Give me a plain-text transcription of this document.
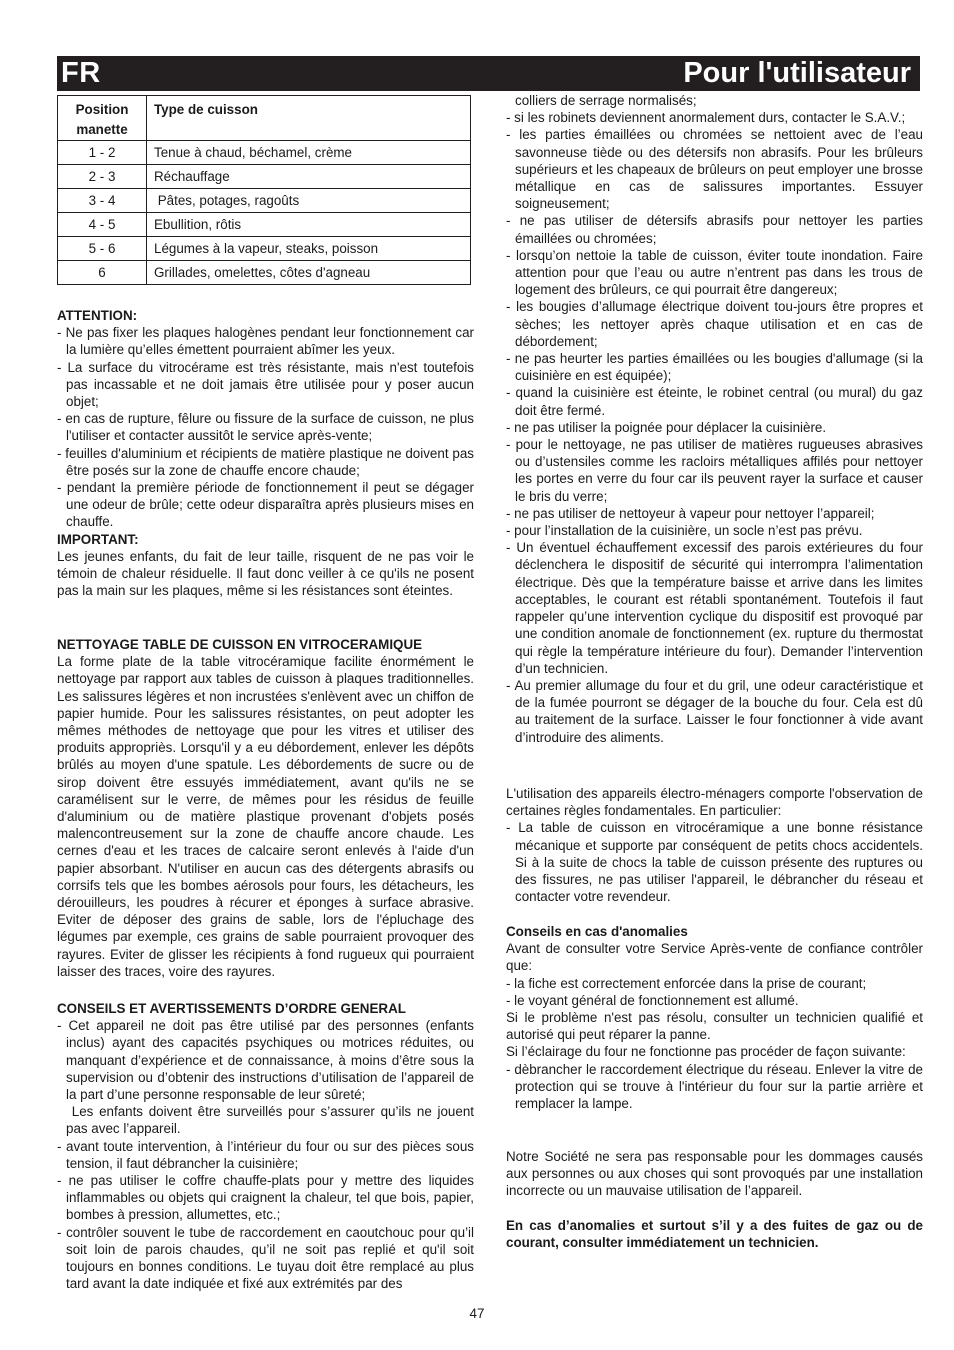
FR	Pour l'utilisateur
Position manette	Type de cuisson
1 - 2	Tenue à chaud, béchamel, crème
2 - 3	Réchauffage
3 - 4	Pâtes, potages, ragoûts
4 - 5	Ebullition, rôtis
5 - 6	Légumes à la vapeur, steaks, poisson
6	Grillades, omelettes, côtes d'agneau

ATTENTION:

- Ne pas fixer les plaques halogènes pendant leur fonctionnement car la lumière qu’elles émettent pourraient abîmer les yeux.

- La surface du vitrocérame est très résistante, mais n'est toutefois pas incassable et ne doit jamais être utilisée pour y poser aucun objet;

- en cas de rupture, fêlure ou fissure de la surface de cuisson, ne plus l'utiliser et contacter aussitôt le service après-vente;

- feuilles d'aluminium et récipients de matière plastique ne doivent pas être posés sur la zone de chauffe encore chaude;

- pendant la première période de fonctionnement il peut se dégager une odeur de brûle; cette odeur disparaîtra après plusieurs mises en chauffe.

IMPORTANT:

Les jeunes enfants, du fait de leur taille, risquent de ne pas voir le témoin de chaleur résiduelle. Il faut donc veiller à ce qu'ils ne posent pas la main sur les plaques, même si les résistances sont éteintes.

NETTOYAGE TABLE DE CUISSON EN VITROCERAMIQUE

La forme plate de la table vitrocéramique facilite énormément le nettoyage par rapport aux tables de cuisson à plaques traditionnelles. Les salissures légères et non incrustées s'enlèvent avec un chiffon de papier humide. Pour les salissures résistantes, on peut adopter les mêmes méthodes de nettoyage que pour les vitres et utiliser des produits appropriès. Lorsqu'il y a eu débordement, enlever les dépôts brûlés au moyen d'une spatule. Les débordements de sucre ou de sirop doivent être essuyés immédiatement, avant qu'ils ne se caramélisent sur le verre, de mêmes pour les résidus de feuille d'aluminium ou de matière plastique provenant d'objets posés malencontreusement sur la zone de chauffe ancore chaude. Les cernes d'eau et les traces de calcaire seront enlevés à l'aide d'un papier absorbant. N'utiliser en aucun cas des détergents abrasifs ou corrsifs tels que les bombes aérosols pour fours, les détacheurs, les dérouilleurs, les poudres à récurer et éponges à surface abrasive. Eviter de déposer des grains de sable, lors de l'épluchage des légumes par exemple, ces grains de sable pourraient provoquer des rayures. Eviter de glisser les récipients à fond rugueux qui pourraient laisser des traces, voire des rayures.

CONSEILS ET AVERTISSEMENTS D’ORDRE GENERAL

- Cet appareil ne doit pas être utilisé par des personnes (enfants inclus) ayant des capacités psychiques ou motrices réduites, ou manquant d’expérience et de connaissance, à moins d’être sous la supervision ou d’obtenir des instructions d’utilisation de l’appareil de la part d’une personne responsable de leur sûreté;

Les enfants doivent être surveillés pour s’assurer qu’ils ne jouent pas avec l’appareil.

- avant toute intervention, à l’intérieur du four ou sur des pièces sous tension, il faut débrancher la cuisinière;

- ne pas utiliser le coffre chauffe-plats pour y mettre des liquides inflammables ou objets qui craignent la chaleur, tel que bois, papier, bombes à pression, allumettes, etc.;

- contrôler souvent le tube de raccordement en caoutchouc pour qu’il soit loin de parois chaudes, qu’il ne soit pas replié et qu'il soit toujours en bonnes conditions. Le tuyau doit être remplacé au plus tard avant la date indiquée et fixé aux extrémités par des

colliers de serrage normalisés;

- si les robinets deviennent anormalement durs, contacter le S.A.V.;

- les parties émaillées ou chromées se nettoient avec de l’eau savonneuse tiède ou des détersifs non abrasifs. Pour les brûleurs supérieurs et les chapeaux de brûleurs on peut employer une brosse métallique en cas de salissures importantes. Essuyer soigneusement;

- ne pas utiliser de détersifs abrasifs pour nettoyer les parties émaillées ou chromées;

- lorsqu’on nettoie la table de cuisson, éviter toute inondation. Faire attention pour que l’eau ou autre n’entrent pas dans les trous de logement des brûleurs, ce qui pourrait être dangereux;

- les bougies d’allumage électrique doivent tou-jours être propres et sèches; les nettoyer après chaque utilisation et en cas de débordement;

- ne pas heurter les parties émaillées ou les bougies d'allumage (si la cuisinière en est équipée);

- quand la cuisinière est éteinte, le robinet central (ou mural) du gaz doit être fermé.

- ne pas utiliser la poignée pour déplacer la cuisinière.

- pour le nettoyage, ne pas utiliser de matières rugueuses abrasives ou d’ustensiles comme les racloirs métalliques affilés pour nettoyer les portes en verre du four car ils peuvent rayer la surface et causer le bris du verre;

- ne pas utiliser de nettoyeur à vapeur pour nettoyer l’appareil;

- pour l’installation de la cuisinière, un socle n’est pas prévu.

- Un éventuel échauffement excessif des parois extérieures du four déclenchera le dispositif de sécurité qui interrompra l’alimentation électrique. Dès que la température baisse et arrive dans les limites acceptables, le courant est rétabli spontanément. Toutefois il faut rappeler qu’une intervention cyclique du dispositif est provoqué par une condition anomale de fonctionnement (ex. rupture du thermostat qui règle la température intérieure du four). Demander l’intervention d’un technicien.

- Au premier allumage du four et du gril, une odeur caractéristique et de la fumée pourront se dégager de la bouche du four. Cela est dû au traitement de la surface. Laisser le four fonctionner à vide avant d’introduire des aliments.

L'utilisation des appareils électro-ménagers comporte l'observation de certaines règles fondamentales. En particulier:

- La table de cuisson en vitrocéramique a une bonne résistance mécanique et supporte par conséquent de petits chocs accidentels. Si à la suite de chocs la table de cuisson présente des ruptures ou des fissures, ne pas utiliser l'appareil, le débrancher du réseau et contacter votre revendeur.

Conseils en cas d'anomalies

Avant de consulter votre Service Après-vente de confiance contrôler que:

- la fiche est correctement enforcée dans la prise de courant;

- le voyant général de fonctionnement est allumé.

Si le problème n'est pas résolu, consulter un technicien qualifié et autorisé qui peut réparer la panne.

Si l’éclairage du four ne fonctionne pas procéder de façon suivante:

- dèbrancher le raccordement électrique du réseau. Enlever la vitre de protection qui se trouve à l'intérieur du four sur la partie arrière et remplacer la lampe.

Notre Société ne sera pas responsable pour les dommages causés aux personnes ou aux choses qui sont provoqués par une installation incorrecte ou un mauvaise utilisation de l’appareil.

En cas d’anomalies et surtout s’il y a des fuites de gaz ou de courant, consulter immédiatement un technicien.

47
